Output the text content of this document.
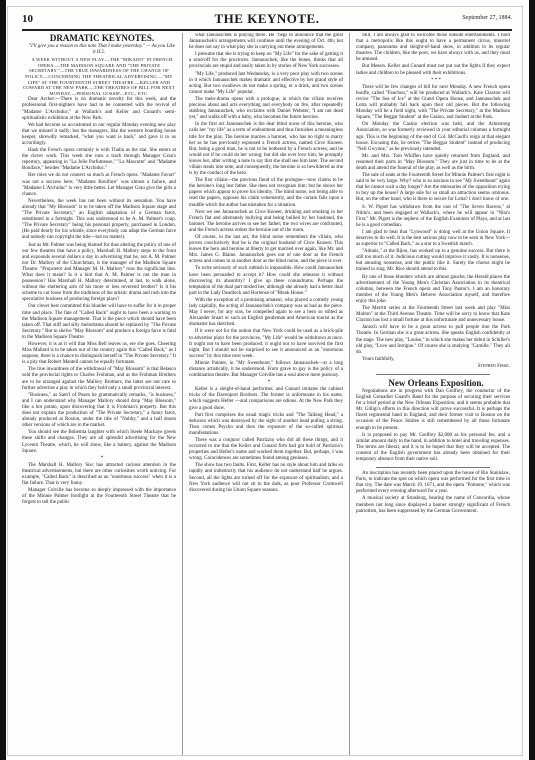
10	THE KEYNOTE.	September 27, 1884.

DRAMATIC KEYNOTES.

"I'll give you a reason to this note That I make yesterday." — As you Like it II.5.

A WEEK WITHOUT A NEW PLAY.—THE "MIKADO" IN FRENCH OPERA.—THE MADISON SQUARE AND "THE PRIVATE SECRETARY."—THE TRUE INWARDNESS OF THE CHANGE OF POLICY.—CONCERNING THE THEATRICAL ADVERTISING.—"MY LIFE" AT THE FOURTEENTH STREET THEATRE.—KELLER AND COWARD AT THE NEW PARK.—THE THEATRES OF BILL FOR NEXT MONDAY.—PERSONAL GOSSIP—ETC., ETC.

Dear Archer:—There is no dramatic novelty for this week, and the professional first-nighters have had to be contented with the revival of "Madame L'Archiduc," at Wallack's and Keller and Cunard's semi-spiritualistic exhibition at the New Park.

We had become so accustomed to our regular Monday evening new play that we missed it sadly; but the managers, like the western boarding house keeper, shrewdly remarked, "what you want is hash," and gave it to us accordingly.

Hash the French opera certainly is with Thalia as the star. She enters at the clever work. This week she runs a track through Manager Grau's repertory, appearing in "La Jolie Parfumeuse," "La Mascotte" and "Madame Boniface," besides "Madame L'Archiduc."

Her roles we do not connect so much as French opera. "Madame Favart" was not a success here; "Madame Boniface" was almost a failure, and "Madame L'Archiduc" is very little better. Let Manager Grau give the girls a chance.

Nevertheless, the week has not been without its sensation. You have already that "My Blossom" is to be taken off the Madison Square stage and "The Private Secretary," an English adaptation of a German farce, substituted in a fortnight. This was understood to be A. M. Palmer's coup. "The Private Secretary" being his personal property, purchased in London. (He paid dearly for his whistle, since everybody can adapt the German farce and nobody can copyright the title—but no matter).

Just as Mr. Palmer was being blamed for thus altering the policy of one of our few theatres that have a policy, Marshall H. Mallory steps to the front and expounds several dollars a day in advertising that he, not A. M. Palmer nor Dr. Mallory of the Churchman, is the manager of the Madison Square Theatre. "Proprietor and Manager M. H. Mallory" runs the significant line. What does it mean? Is it a hint that A. M. Palmer is not the man in possession? Has Marshall H. Mallory determined, at last, to walk alone, without the sheltering arm of his more or less reverend brother? Is it his scheme to cut loose from the traditions of the artistic drama and rush into the speculative business of producing foreign plays?

Our clever best committed this blunder will have to suffer for it in proper time and place. The fate of "Called Back" ought to have been a warning to the Madison Square management. That is the piece which should have been taken off. That stiff and silly melodrama should be replaced by "The Private Secretary." But to shelve "May Blossom" and produce a foreign farce is fatal to the Madison Square Theatre.

However, it is as it will that Miss Bell leaves us, ere she goes. Cheering Miss Mallard is to be taken out of the country again this "Called Back," as I suppose, there is a chance to distinguish herself in "The Private Secretary." It is a pity that Robert Mantell cannot be equally fortunate.

The true inwardness of the withdrawal of "May Blossom" is that Belasco sold the provincial rights to Charles Frohman, and as the Frohman Brothers are to be arranged against the Mallory Brothers, the latter are not care to further advertise a play in which they hold only a small provincial interest.

"Business," as Sam'l of Posen he grammatically remarks, "is business," and I can understand why Manager Mallory should drop "May Blossom," like a hot potato, upon discovering that it is Frohman's property. But this does not explain the production of "The Private Secretary," a funny farce, already produced at Boston, under the title of "Nubby," and a half dozen other versions of which are in the market.

You should see the Bohemia laughter with which Steele Mackaye greets these shifts and changes. They are all splendid advertising for the New Lyceum Theatre, which, he will show, like a battery, against the Madison Square.

*

The Marshall H. Mallory Sisc has attracted curious attention in the theatrical advertisements, but there are other curiosities worth noticing. For example, "Called Back" is described as an "enormous success" when it is a flat failure. That is very funny.

Manager Colville has become so deeply impressed with the importance of the Minnie Palmer footlight at the Fourteenth Street Theatre that he forgets to tell the public

what Jannauschek is playing there. He "begs to announce that the great Jannauschek's arrangements will continue until the evening of Oct. 4th; but he does not say in what play she is carrying out these arrangements.

I presume that she is trying to keep on "My Life" for the sake of getting it a send-off for the provinces. Jannauschek, like the bones, thinks that all provincials are stupid and easily taken in by stories of New York successes.

"My Life," produced last Wednesday, is a very poor play with two scenes in it which Jannauschek makes dramatic and effective by her grand style of acting. But two swallows do not make a spring, or a drink, and two scenes cannot make "My Life" popular.

The melo-drama opens with a prologue, in which the villain receives precious about and acts everything and everybody on fire, after repeatedly stabbing Jannauschek, who exclaims with Daniel Webster, "I am not dead yet," and walks off with a baby, who becomes the future heroine.

In the first act Jannauschek is the dear blind nurse of this heroine, who calls her "my life" as a term of endearment and thus furnishes a meaningless title for the play. The heroine marries a baronet, who has no right to marry her as he has previously espoused a French actress, named Circe Knoeer. But, being a good man, he is not to be bothered by a French actress, and he would not if he could do her wrong; but did she ever love him, he promptly leaves her, after writing a note to say that she shall see him later. The second villain steals into note, and consequently, the heroine is so bewildered as she is by the conduct of the hero.

The first villain—the previous fiend of the prologue—now claims to be the heroine's long lost father. She does not recognize him; but he shows her papers which appear to prove his identity. The blind nurse, not being able to read the papers, opposes his claim vehemently, and the curtain falls upon a muddle which the author has mistaken for a situation.

Next we see Jannauschek as Circe Knoeer, drinking and smoking in her French flat and alternately bullying and being bullied by her husband, the baronet. The heroine arrives to see her father; the two wives are confronted, and the French actress orders the heroine out of the room.

Of course, in the last act, the blind nurse remembers the villain, who proves conclusively that he is the original husband of Circe Knoeer. This leaves the hero and heroine at liberty to get married over again, like Mr. and Mrs. James G. Blaine. Jannauschek goes out of one door as the French actress and comes in at another door as the blind nurse, and the piece is over.

To write seriously of such rubbish is impossible. How could Jannauschek have been persuaded to accept it? How could she rehearse it without discovering its absurdity? I give up these conundrums. Perhaps the temptation of the dual part misled her, although she already had a better dual part in the Lady Deadlock and Hortense of "Bleak House."

With the exception of a promising amateur, who played a comedy young lady capitally, the acting of Jannauschek's company was as bad as the piece. May I never, for any sins, be compelled again to see a hero so stilted as Alexander Stuart or such an English gentleman and American tourist as the dramatist has sketched.

If it were not for the notion that New York could be used as a brick-pile to advertise plays for the provinces, "My Life" would be withdrawn at once. It ought not to have been produced; it ought not to have survived the first night. But I should not be surprised to see it announced as an "enormous success" by this time next week.

Minnie Palmer, in "My Sweetheart," follows Jannauschek—at a long distance artistically, it be understood. From grave to gay is the policy of a combination theatre. But Manager Colville has a soul above mere jealousy.

*

Keller is a sleight-of-hand performer, and Cunard imitates the cabinet tricks of the Davenport Brothers. The former is unfortunate in his name, which suggests Heller —and comparisons are odious. At the New Park they give a good show.

Part first comprises the usual magic tricks and "The Talking Head," a delusion which was destroyed by the sight of another head pulling a string. Then comes Psycho and then the exposure of the so-called spiritual manifestations.

There was a conjuror called Patrizzio who did all these things, and it occurred to me that the Keller and Cunard firm had got hold of Patrizzio's properties and Heller's name and worked them together. But, perhaps, I was wrong. Coincidences are sometimes found among geniuses.

The show has two faults. First, Keller has no style about him and talks so rapidly and indistinctly that his audience do not understand half he argues. Second, all the lights are turned off for the exposure of spiritualism, and a New York audience will not sit in the dark, as poor Professor Cromwell discovered during his Union Square seasons.

Still, I am always glad to welcome those outside entertainments. I hold that a metropolis like this ought to have a permanent circus, minstrel company, panorama and sleight-of-hand show, in addition to its regular theatres. The children, like the poor, we have always with us, and they must be amused.

But Messrs. Keller and Cunard must not put out the lights if they expect ladies and children to be pleased with their exhibitions.

* * *

There will be few changes of bill for next Monday. A new French opera bouffe, called "Fanchon," will be produced at Wallack's. Kate Claxton will revive "The Sea of Ice" at the Grand Opera House, and Jannauschek and Lotta will probably fall back upon their old pieces. But the following Monday will be a field night, with "The Private Secretary," at the Madison Square, "The Beggar Student" at the Casino, and Jaubert at the Park.

On Monday the Casino election was held, and the Armstrong Association, so was formerly reviewed in your editorial columns a fortnight ago. This is the beginning of the end of Col. McCaull's reign at that elegant house. Excusing this, he retires "The Beggar Student" instead of producing "Nell Gwynne," as he previously intended.

Mr. and Mrs. Tom Whiffen have quietly returned from England, and resumed their parts in "May Blossom." They are just in time to be at the death and attend the funeral of the play, as well as the birth.

The sale of seats at the Fourteenth Street for Minnie Palmer's first night is said to be very large. Why? who is so anxious to see "My Sweetheart" again that he cannot wait a day longer? Are the emissaries of the opposition trying to buy up the house? A large sale for so small an attraction seems ominous. But, on the other hand, who is there to secure for Lotta? I don't know of one.

S. W. Pigott has withdrawn from the cast of "The Seven Ravens," at Niblo's, and been engaged at Wallack's, where he will appear in "Nita's First." Mr. Pigott is the nephew of the English Examiner of Plays, and at last he is a good comedian.

I am glad to hear that "Lynwood" is doing well at the Union Square. It deserves to do well. It is the best serious play now to be seen in New York—as superior to "Called Back," as a star to a Swedish match.

"Adonis," at the Bijou, has worked up to a genuine success. But there is still too much of it. Judicious cutting would improve it vastly. It is nonsense, but amusing nonsense, and the public like it. Surely the chorus might be trained to sing. Mr. Rice should attend to this.

By one of those blunders which are almost gauche, the Herald places the advertisement of the Young Men's Christian Association in its theatrical columns, between the French opera and Tony Pastor's. I am an honorary member of the Young Men's Hebrew Association myself, and therefore enjoy this joke.

The Merritt series at the Fourteenth Street last week and play "Miss Multon" at the Third Avenue Theatre. Time will be sorry to know that Kate Claxton has lost a small fortune at this unfortunate and unnecessary house.

Janisch will have to be a great actress to pull people into the Park Theatre. In German she is a great actress. She speaks English confidently at the stage. The new play, "Louise," in which she makes her debut in Schiller's old play, "Love and Intrigue." Of course she is studying "Camille." They all do.

Yours faithfully,

Stephen Fiske.

New Orleans Exposition.

Negotiations are in progress with Dan Godfrey, the conductor of the English Grenadier Guard's Band for the purpose of securing their services for a brief period at the New Orleans Exposition, and it seems probable that Mr. Gilligi's efforts in this direction will prove successful. It is perhaps the finest regimental band in England, and their former visit to Boston on the occasion of the Peace Jubilee is still remembered by all those fortunate enough to be present.

It is proposed to pay Mr. Godfrey $2,000 as his personal fee, and a similar amount daily to the band, in addition to hotel and traveling expenses. The terms are liberal, and it is to be hoped that they will be accepted. The consent of the English government has already been obtained for their temporary absence from their native soil.

An inscription has recently been placed upon the house of Rio Stanislaw, Paris, to indicate the spot on which opera was performed for the first time in that city. The date was March 19, 1671, and the opera "Pomone," which was performed every evening afterward for a year.

A musical society at Strasburg, bearing the name of Concordia, whose members not long since displayed a banner strongly significant of French patriotism, has been suppressed by the German Government.
